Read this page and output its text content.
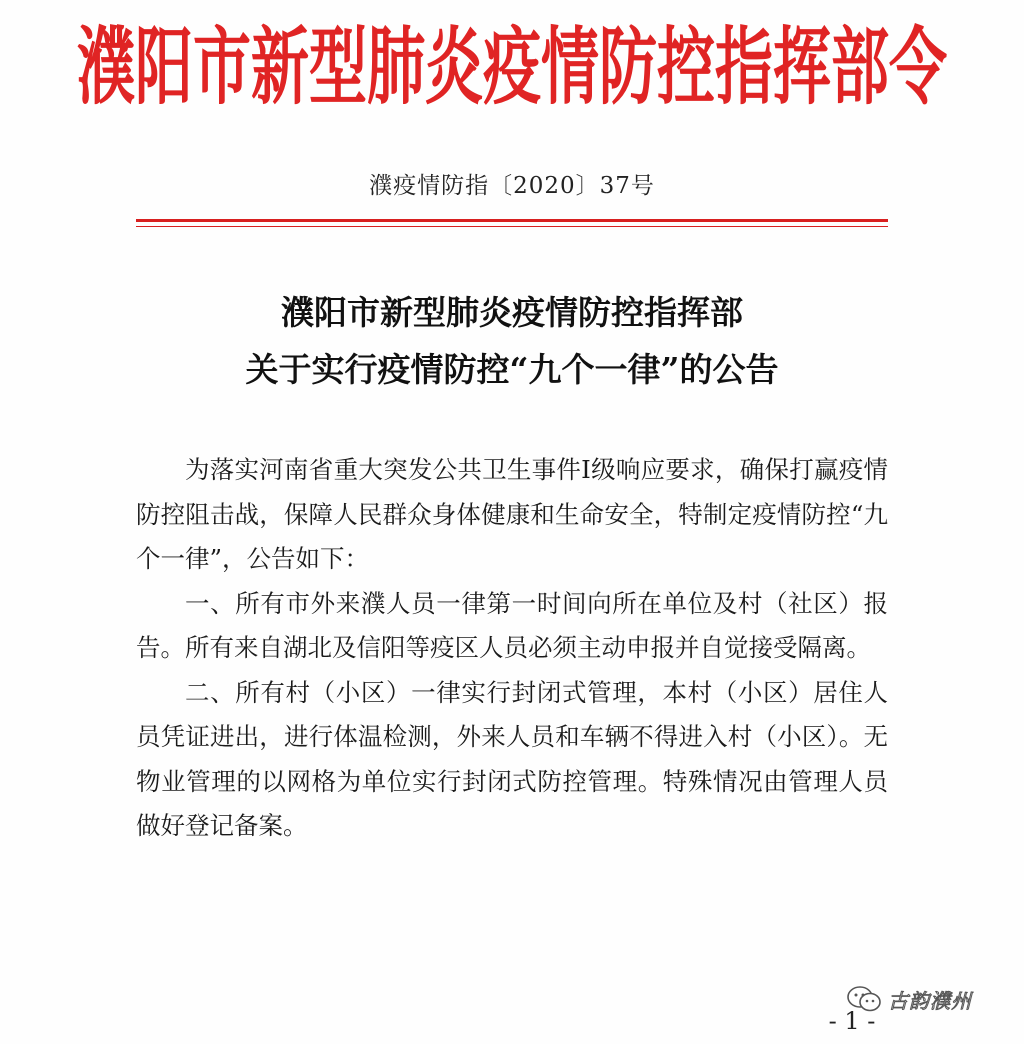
濮阳市新型肺炎疫情防控指挥部令
濮疫情防指〔2020〕37号
濮阳市新型肺炎疫情防控指挥部
关于实行疫情防控“九个一律”的公告

为落实河南省重大突发公共卫生事件Ⅰ级响应要求，确保打赢疫情防控阻击战，保障人民群众身体健康和生命安全，特制定疫情防控“九个一律”，公告如下：

一、所有市外来濮人员一律第一时间向所在单位及村（社区）报告。所有来自湖北及信阳等疫区人员必须主动申报并自觉接受隔离。

二、所有村（小区）一律实行封闭式管理，本村（小区）居住人员凭证进出，进行体温检测，外来人员和车辆不得进入村（小区）。无物业管理的以网格为单位实行封闭式防控管理。特殊情况由管理人员做好登记备案。

古韵濮州
- 1 -
